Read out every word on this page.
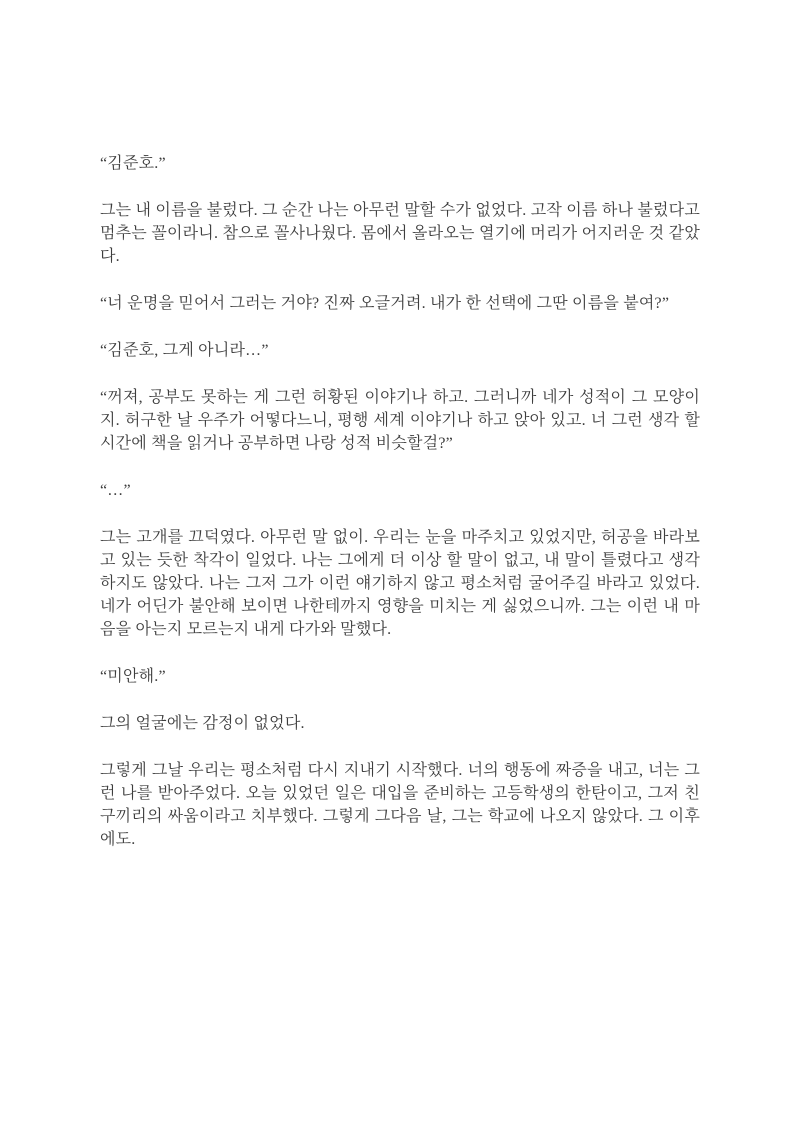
“김준호.”

그는 내 이름을 불렀다. 그 순간 나는 아무런 말할 수가 없었다. 고작 이름 하나 불렀다고 멈추는 꼴이라니. 참으로 꼴사나웠다. 몸에서 올라오는 열기에 머리가 어지러운 것 같았다.

“너 운명을 믿어서 그러는 거야? 진짜 오글거려. 내가 한 선택에 그딴 이름을 붙여?”

“김준호, 그게 아니라…”

“꺼져, 공부도 못하는 게 그런 허황된 이야기나 하고. 그러니까 네가 성적이 그 모양이지. 허구한 날 우주가 어떻다느니, 평행 세계 이야기나 하고 앉아 있고. 너 그런 생각 할 시간에 책을 읽거나 공부하면 나랑 성적 비슷할걸?”

“…”

그는 고개를 끄덕였다. 아무런 말 없이. 우리는 눈을 마주치고 있었지만, 허공을 바라보고 있는 듯한 착각이 일었다. 나는 그에게 더 이상 할 말이 없고, 내 말이 틀렸다고 생각하지도 않았다. 나는 그저 그가 이런 얘기하지 않고 평소처럼 굴어주길 바라고 있었다. 네가 어딘가 불안해 보이면 나한테까지 영향을 미치는 게 싫었으니까. 그는 이런 내 마음을 아는지 모르는지 내게 다가와 말했다.

“미안해.”

그의 얼굴에는 감정이 없었다.

그렇게 그날 우리는 평소처럼 다시 지내기 시작했다. 너의 행동에 짜증을 내고, 너는 그런 나를 받아주었다. 오늘 있었던 일은 대입을 준비하는 고등학생의 한탄이고, 그저 친구끼리의 싸움이라고 치부했다. 그렇게 그다음 날, 그는 학교에 나오지 않았다. 그 이후에도.
